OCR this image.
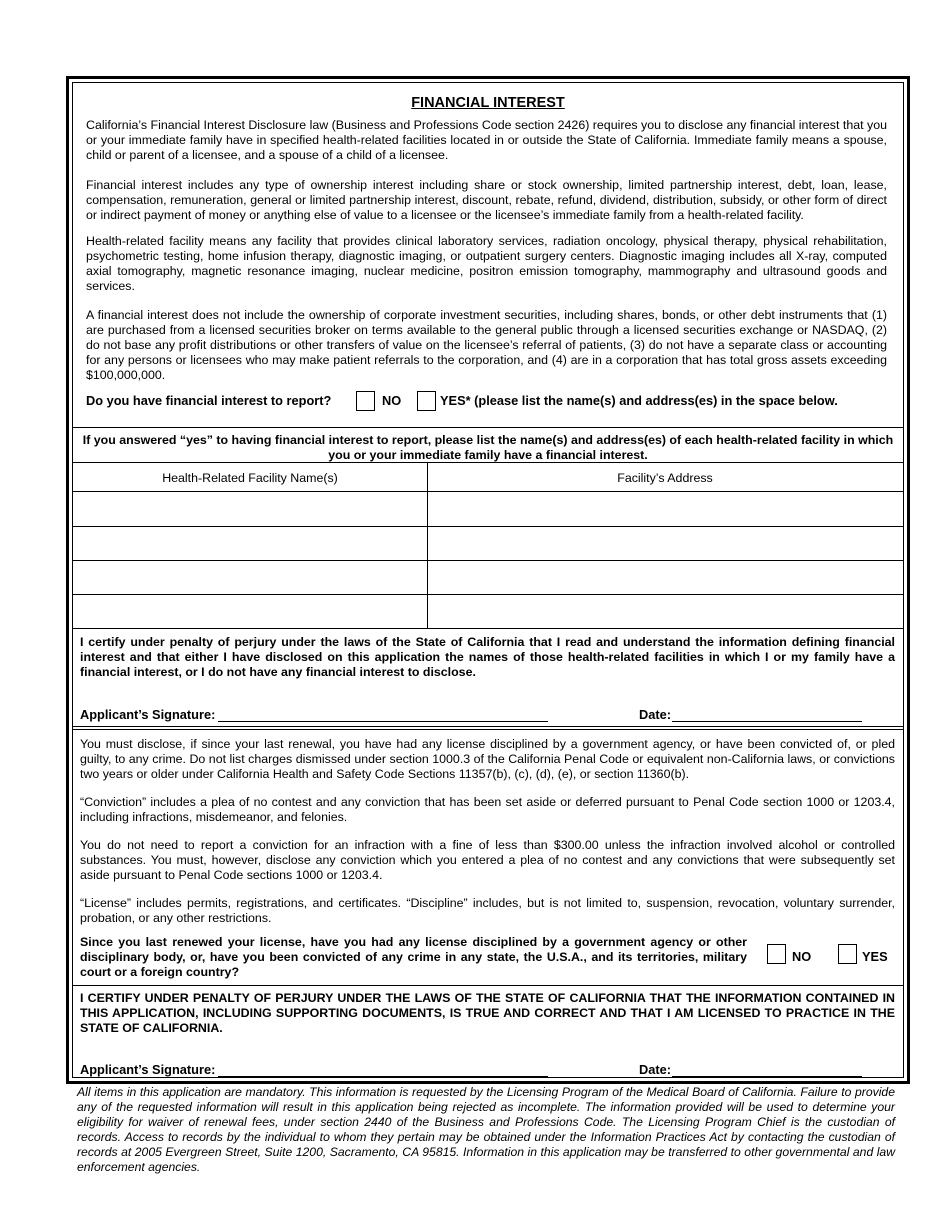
FINANCIAL INTEREST
California’s Financial Interest Disclosure law (Business and Professions Code section 2426) requires you to disclose any financial interest that you or your immediate family have in specified health-related facilities located in or outside the State of California. Immediate family means a spouse, child or parent of a licensee, and a spouse of a child of a licensee.
Financial interest includes any type of ownership interest including share or stock ownership, limited partnership interest, debt, loan, lease, compensation, remuneration, general or limited partnership interest, discount, rebate, refund, dividend, distribution, subsidy, or other form of direct or indirect payment of money or anything else of value to a licensee or the licensee’s immediate family from a health-related facility.
Health-related facility means any facility that provides clinical laboratory services, radiation oncology, physical therapy, physical rehabilitation, psychometric testing, home infusion therapy, diagnostic imaging, or outpatient surgery centers. Diagnostic imaging includes all X-ray, computed axial tomography, magnetic resonance imaging, nuclear medicine, positron emission tomography, mammography and ultrasound goods and services.
A financial interest does not include the ownership of corporate investment securities, including shares, bonds, or other debt instruments that (1) are purchased from a licensed securities broker on terms available to the general public through a licensed securities exchange or NASDAQ, (2) do not base any profit distributions or other transfers of value on the licensee’s referral of patients, (3) do not have a separate class or accounting for any persons or licensees who may make patient referrals to the corporation, and (4) are in a corporation that has total gross assets exceeding $100,000,000.
Do you have financial interest to report?	NO	YES* (please list the name(s) and address(es) in the space below.
If you answered “yes” to having financial interest to report, please list the name(s) and address(es) of each health-related facility in which you or your immediate family have a financial interest.
Health-Related Facility Name(s)	Facility’s Address
I certify under penalty of perjury under the laws of the State of California that I read and understand the information defining financial interest and that either I have disclosed on this application the names of those health-related facilities in which I or my family have a financial interest, or I do not have any financial interest to disclose.
Applicant’s Signature:	Date:
You must disclose, if since your last renewal, you have had any license disciplined by a government agency, or have been convicted of, or pled guilty, to any crime. Do not list charges dismissed under section 1000.3 of the California Penal Code or equivalent non-California laws, or convictions two years or older under California Health and Safety Code Sections 11357(b), (c), (d), (e), or section 11360(b).
“Conviction” includes a plea of no contest and any conviction that has been set aside or deferred pursuant to Penal Code section 1000 or 1203.4, including infractions, misdemeanor, and felonies.
You do not need to report a conviction for an infraction with a fine of less than $300.00 unless the infraction involved alcohol or controlled substances. You must, however, disclose any conviction which you entered a plea of no contest and any convictions that were subsequently set aside pursuant to Penal Code sections 1000 or 1203.4.
“License” includes permits, registrations, and certificates. “Discipline” includes, but is not limited to, suspension, revocation, voluntary surrender, probation, or any other restrictions.
Since you last renewed your license, have you had any license disciplined by a government agency or other disciplinary body, or, have you been convicted of any crime in any state, the U.S.A., and its territories, military court or a foreign country?
NO	YES
I CERTIFY UNDER PENALTY OF PERJURY UNDER THE LAWS OF THE STATE OF CALIFORNIA THAT THE INFORMATION CONTAINED IN THIS APPLICATION, INCLUDING SUPPORTING DOCUMENTS, IS TRUE AND CORRECT AND THAT I AM LICENSED TO PRACTICE IN THE STATE OF CALIFORNIA.
Applicant’s Signature:	Date:
All items in this application are mandatory. This information is requested by the Licensing Program of the Medical Board of California. Failure to provide any of the requested information will result in this application being rejected as incomplete. The information provided will be used to determine your eligibility for waiver of renewal fees, under section 2440 of the Business and Professions Code. The Licensing Program Chief is the custodian of records. Access to records by the individual to whom they pertain may be obtained under the Information Practices Act by contacting the custodian of records at 2005 Evergreen Street, Suite 1200, Sacramento, CA 95815. Information in this application may be transferred to other governmental and law enforcement agencies.
